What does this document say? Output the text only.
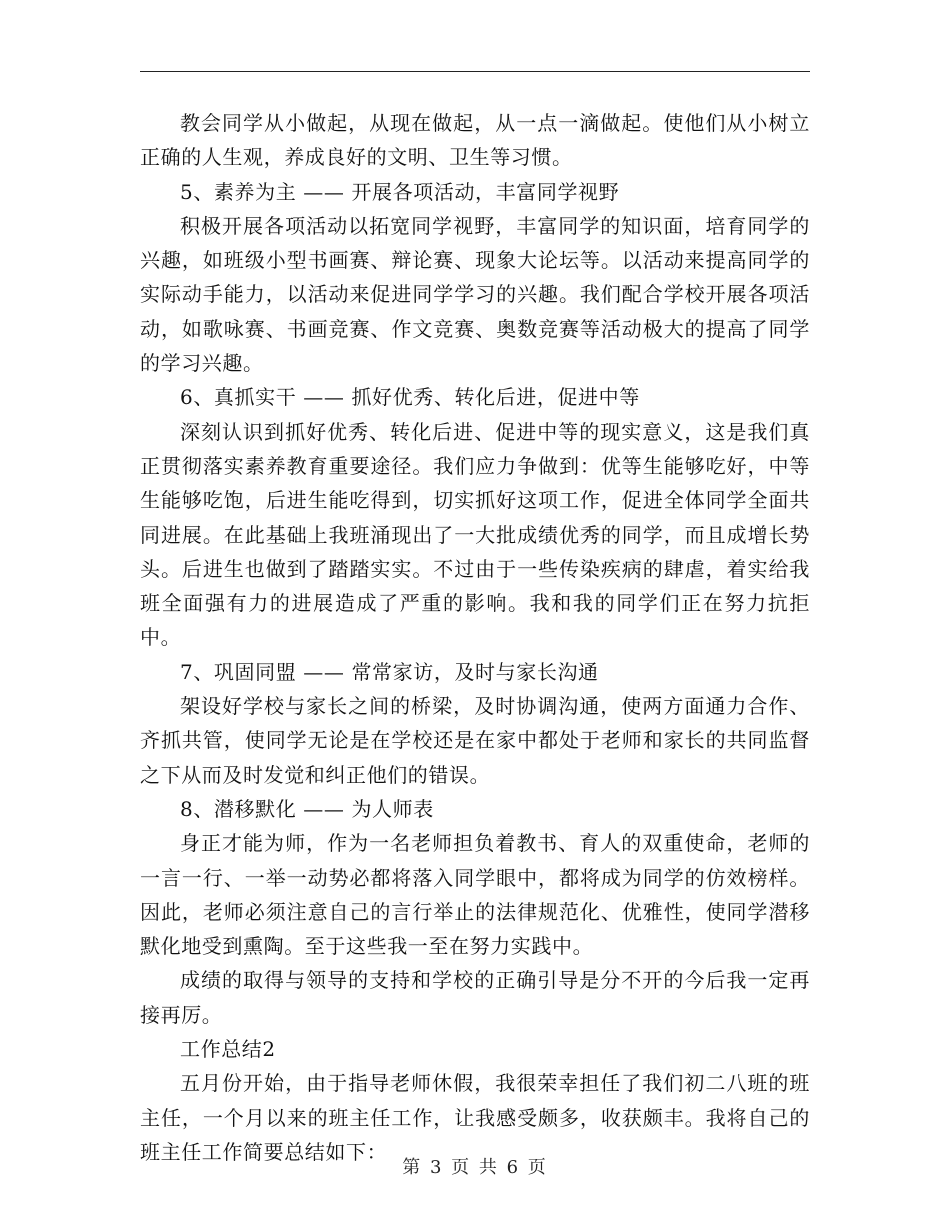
教会同学从小做起，从现在做起，从一点一滴做起。使他们从小树立正确的人生观，养成良好的文明、卫生等习惯。

5、素养为主 —— 开展各项活动，丰富同学视野

积极开展各项活动以拓宽同学视野，丰富同学的知识面，培育同学的兴趣，如班级小型书画赛、辩论赛、现象大论坛等。以活动来提高同学的实际动手能力，以活动来促进同学学习的兴趣。我们配合学校开展各项活动，如歌咏赛、书画竞赛、作文竞赛、奥数竞赛等活动极大的提高了同学的学习兴趣。

6、真抓实干 —— 抓好优秀、转化后进，促进中等

深刻认识到抓好优秀、转化后进、促进中等的现实意义，这是我们真正贯彻落实素养教育重要途径。我们应力争做到：优等生能够吃好，中等生能够吃饱，后进生能吃得到，切实抓好这项工作，促进全体同学全面共同进展。在此基础上我班涌现出了一大批成绩优秀的同学，而且成增长势头。后进生也做到了踏踏实实。不过由于一些传染疾病的肆虐，着实给我班全面强有力的进展造成了严重的影响。我和我的同学们正在努力抗拒中。

7、巩固同盟 —— 常常家访，及时与家长沟通

架设好学校与家长之间的桥梁，及时协调沟通，使两方面通力合作、齐抓共管，使同学无论是在学校还是在家中都处于老师和家长的共同监督之下从而及时发觉和纠正他们的错误。

8、潜移默化 —— 为人师表

身正才能为师，作为一名老师担负着教书、育人的双重使命，老师的一言一行、一举一动势必都将落入同学眼中，都将成为同学的仿效榜样。因此，老师必须注意自己的言行举止的法律规范化、优雅性，使同学潜移默化地受到熏陶。至于这些我一至在努力实践中。

成绩的取得与领导的支持和学校的正确引导是分不开的今后我一定再接再厉。

工作总结2

五月份开始，由于指导老师休假，我很荣幸担任了我们初二八班的班主任，一个月以来的班主任工作，让我感受颇多，收获颇丰。我将自己的班主任工作简要总结如下：

第 3 页 共 6 页
